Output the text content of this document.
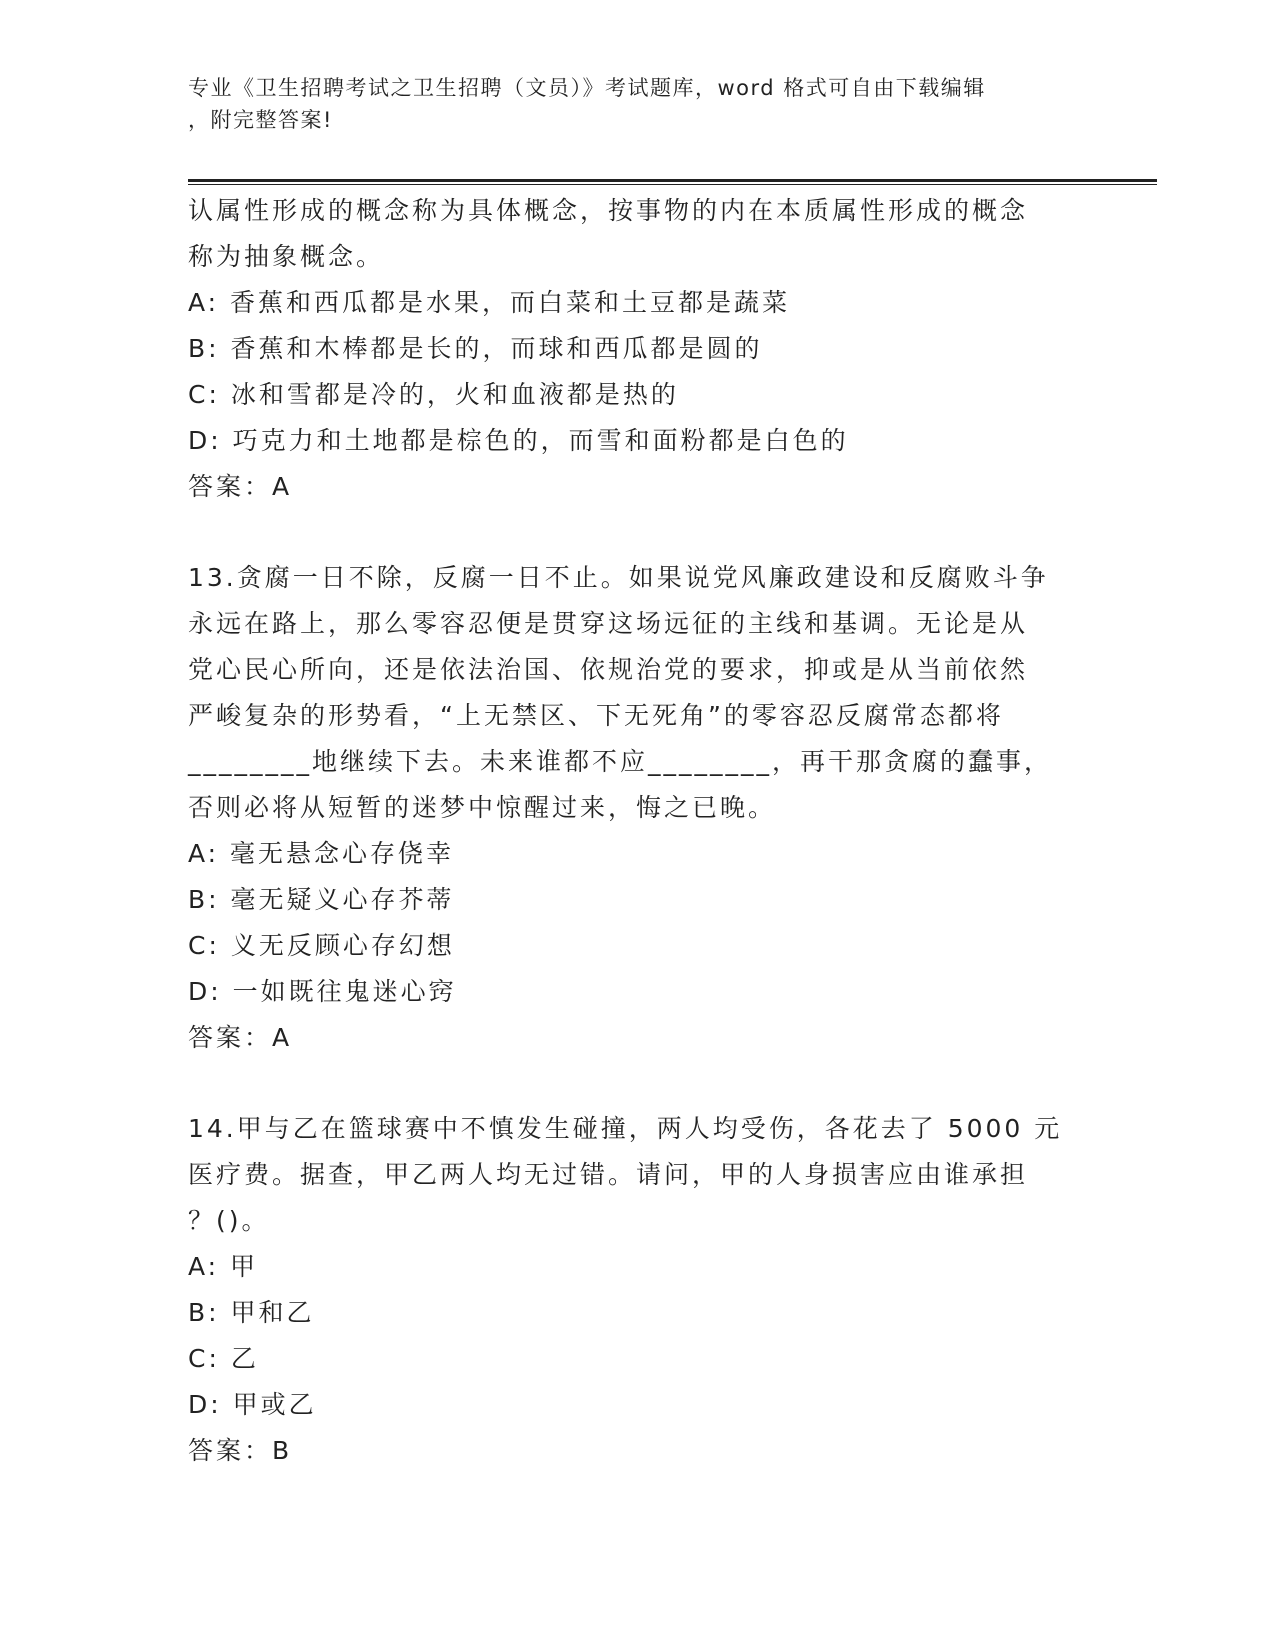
专业《卫生招聘考试之卫生招聘（文员）》考试题库，word 格式可自由下载编辑
，附完整答案!
认属性形成的概念称为具体概念，按事物的内在本质属性形成的概念
称为抽象概念。
A: 香蕉和西瓜都是水果，而白菜和土豆都是蔬菜
B: 香蕉和木棒都是长的，而球和西瓜都是圆的
C: 冰和雪都是冷的，火和血液都是热的
D: 巧克力和土地都是棕色的，而雪和面粉都是白色的
答案：A
13.贪腐一日不除，反腐一日不止。如果说党风廉政建设和反腐败斗争
永远在路上，那么零容忍便是贯穿这场远征的主线和基调。无论是从
党心民心所向，还是依法治国、依规治党的要求，抑或是从当前依然
严峻复杂的形势看，“上无禁区、下无死角”的零容忍反腐常态都将
________地继续下去。未来谁都不应________，再干那贪腐的蠢事，
否则必将从短暂的迷梦中惊醒过来，悔之已晚。
A: 毫无悬念心存侥幸
B: 毫无疑义心存芥蒂
C: 义无反顾心存幻想
D: 一如既往鬼迷心窍
答案：A
14.甲与乙在篮球赛中不慎发生碰撞，两人均受伤，各花去了 5000 元
医疗费。据查，甲乙两人均无过错。请问，甲的人身损害应由谁承担
？()。
A: 甲
B: 甲和乙
C: 乙
D: 甲或乙
答案：B
